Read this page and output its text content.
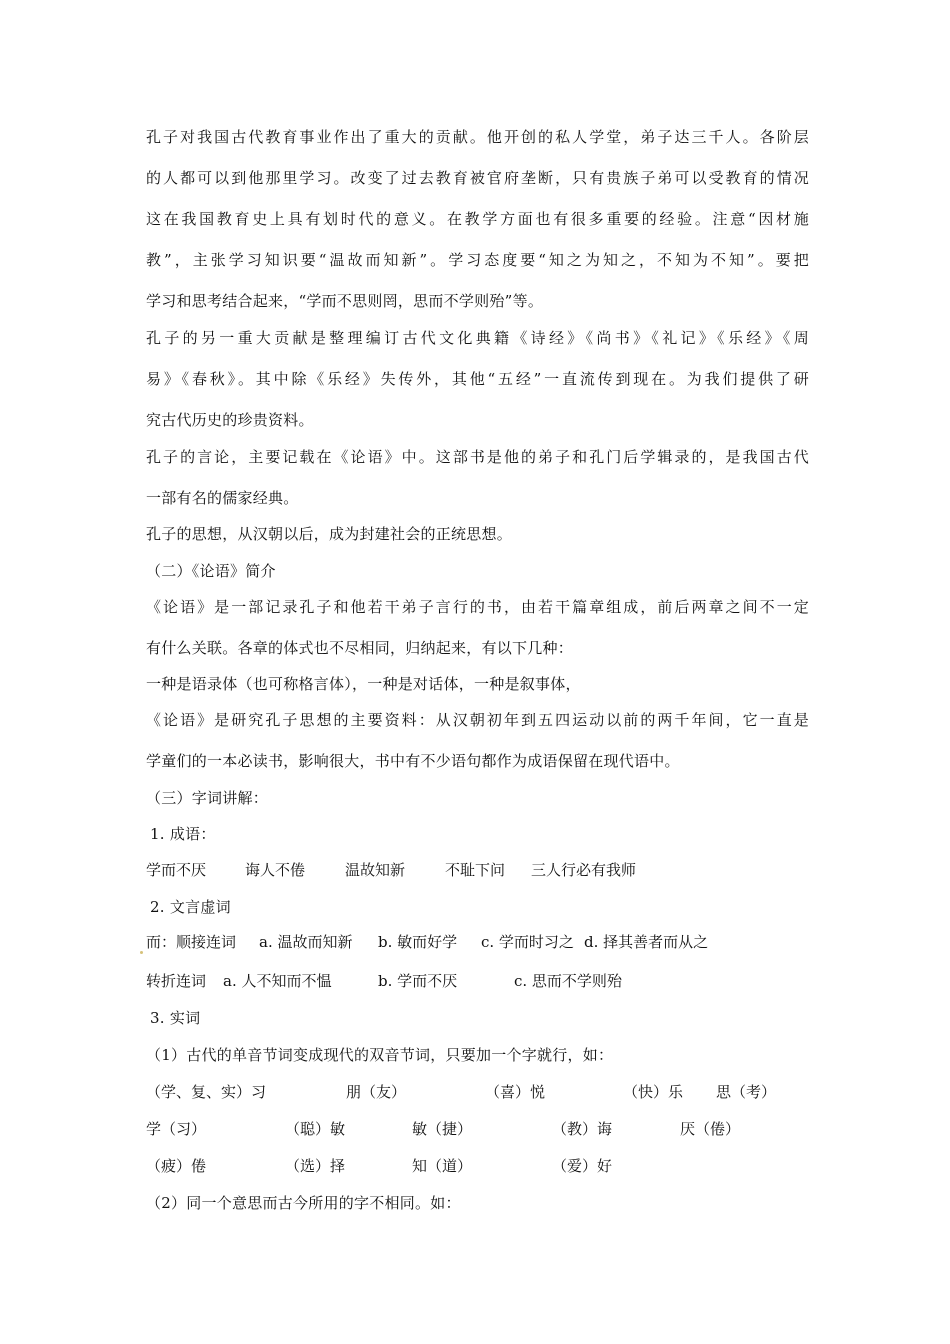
孔子对我国古代教育事业作出了重大的贡献。他开创的私人学堂，弟子达三千人。各阶层
的人都可以到他那里学习。改变了过去教育被官府垄断，只有贵族子弟可以受教育的情况
这在我国教育史上具有划时代的意义。在教学方面也有很多重要的经验。注意“因材施
教”，主张学习知识要“温故而知新”。学习态度要“知之为知之，不知为不知”。要把
学习和思考结合起来，“学而不思则罔，思而不学则殆”等。
孔子的另一重大贡献是整理编订古代文化典籍《诗经》《尚书》《礼记》《乐经》《周
易》《春秋》。其中除《乐经》失传外，其他“五经”一直流传到现在。为我们提供了研
究古代历史的珍贵资料。
孔子的言论，主要记载在《论语》中。这部书是他的弟子和孔门后学辑录的，是我国古代
一部有名的儒家经典。
孔子的思想，从汉朝以后，成为封建社会的正统思想。
（二）《论语》简介
《论语》是一部记录孔子和他若干弟子言行的书，由若干篇章组成，前后两章之间不一定
有什么关联。各章的体式也不尽相同，归纳起来，有以下几种：
一种是语录体（也可称格言体），一种是对话体，一种是叙事体，
《论语》是研究孔子思想的主要资料：从汉朝初年到五四运动以前的两千年间，它一直是
学童们的一本必读书，影响很大，书中有不少语句都作为成语保留在现代语中。
（三）字词讲解：
1. 成语：
学而不厌	诲人不倦	温故知新	不耻下问 三人行必有我师
2. 文言虚词
而：顺接连词 a. 温故而知新 b. 敏而好学 c. 学而时习之 d. 择其善者而从之
转折连词 a. 人不知而不愠	b. 学而不厌	c. 思而不学则殆
3. 实词
（1）古代的单音节词变成现代的双音节词，只要加一个字就行，如：
（学、复、实）习	朋（友）	（喜）悦	（快）乐 思（考）
学（习）	（聪）敏	敏（捷）	（教）诲	厌（倦）
（疲）倦	（选）择	知（道）	（爱）好
（2）同一个意思而古今所用的字不相同。如：
